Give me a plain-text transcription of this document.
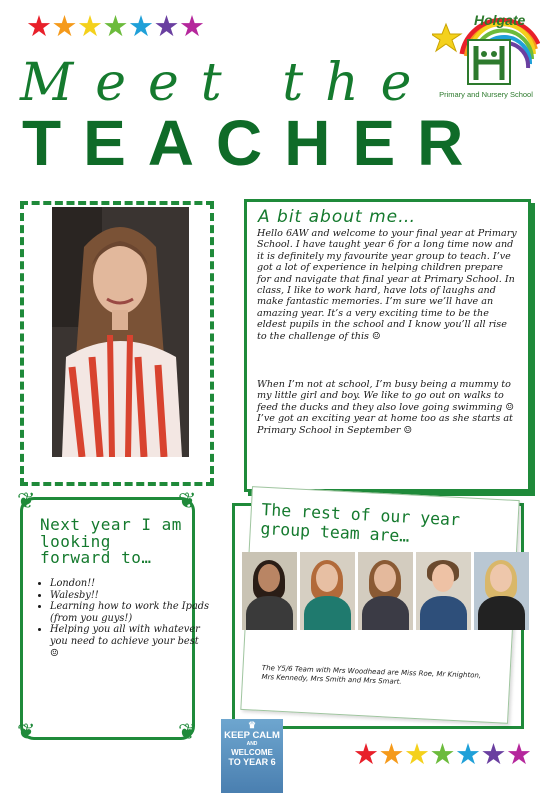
★ ★ ★ ★ ★ ★ ★	Holgate
Primary and Nursery School
Meet the
TEACHER
A bit about me…
Hello 6AW and welcome to your final year at Primary School. I have taught year 6 for a long time now and it is definitely my favourite year group to teach. I’ve got a lot of experience in helping children prepare for and navigate that final year at Primary School. In class, I like to work hard, have lots of laughs and make fantastic memories. I’m sure we’ll have an amazing year. It’s a very exciting time to be the eldest pupils in the school and I know you’ll all rise to the challenge of this ☺
When I’m not at school, I’m busy being a mummy to my little girl and boy. We like to go out on walks to feed the ducks and they also love going swimming ☺ I’ve got an exciting year at home too as she starts at Primary School in September ☺
❦	❦
❦	❦
Next year I am looking forward to…
• London!!
• Walesby!!
• Learning how to work the Ipads (from you guys!)
• Helping you all with whatever you need to achieve your best ☺
The rest of our year group team are…
The Y5/6 Team with Mrs Woodhead are Miss Roe, Mr Knighton, Mrs Kennedy, Mrs Smith and Mrs Smart.
♛
KEEP CALM
AND
WELCOME
TO YEAR 6	★ ★ ★ ★ ★ ★ ★
